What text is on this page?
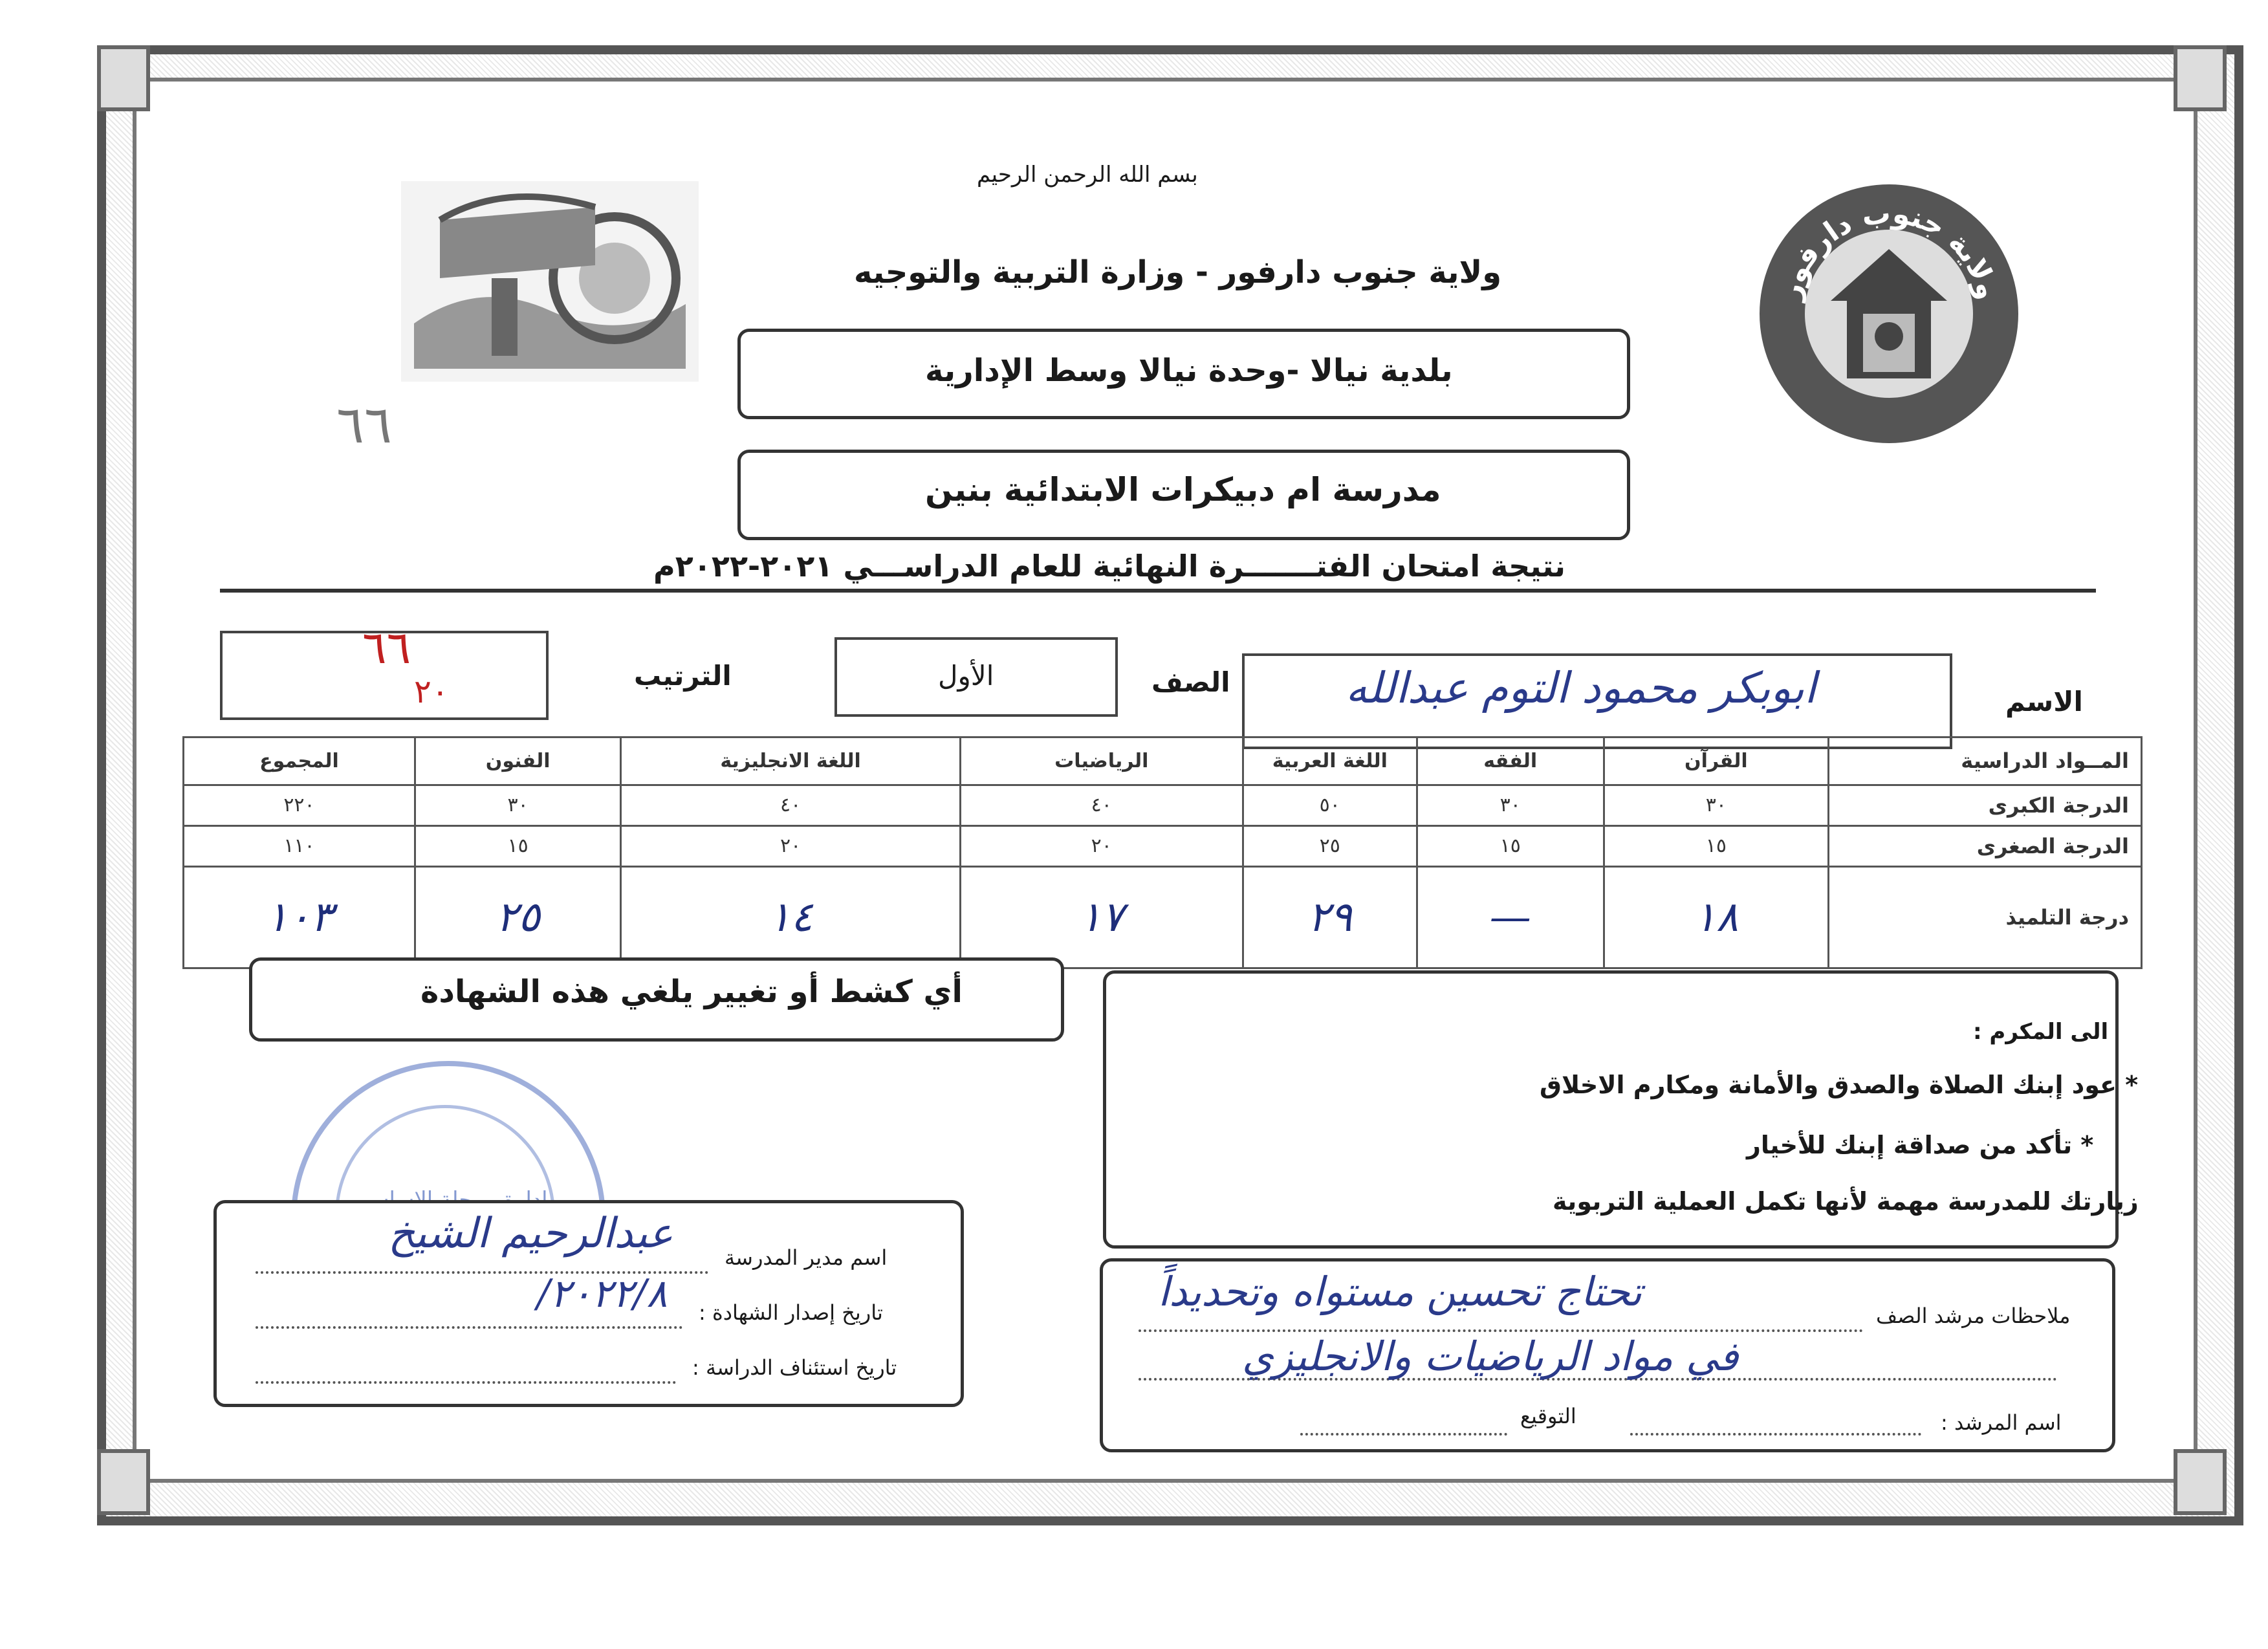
ولاية جنوب دارفور
بسم الله الرحمن الرحيم
ولاية جنوب دارفور - وزارة التربية والتوجيه
بلدية نيالا -وحدة نيالا وسط الإدارية
مدرسة ام دبيكرات الابتدائية بنين
نتيجة امتحان الفتـــــــرة النهائية للعام الدراســـي ٢٠٢١-٢٠٢٢م
٦٦
الاسم
ابوبكر محمود التوم عبدالله
الصف
الأول
الترتيب
٦٦
٢٠
المــواد الدراسية	القرآن	الفقه	اللغة العربية	الرياضيات	اللغة الانجليزية	الفنون	المجموع
الدرجة الكبرى	٣٠	٣٠	٥٠	٤٠	٤٠	٣٠	٢٢٠
الدرجة الصغرى	١٥	١٥	٢٥	٢٠	٢٠	١٥	١١٠
درجة التلميذ	١٨	—	٢٩	١٧	١٤	٢٥	١٠٣
أي كشط أو تغيير يلغي هذه الشهادة
الى المكرم :
* عود إبنك الصلاة والصدق والأمانة ومكارم الاخلاق
* تأكد من صداقة إبنك للأخيار
زيارتك للمدرسة مهمة لأنها تكمل العملية التربوية
اسم مدير المدرسة
عبدالرحيم الشيخ
تاريخ إصدار الشهادة :
٢٠٢٢/٨/
تاريخ استئناف الدراسة :
ملاحظات مرشد الصف
تحتاج تحسين مستواه وتحديداً
في مواد الرياضيات والانجليزي
اسم المرشد :
التوقيع
